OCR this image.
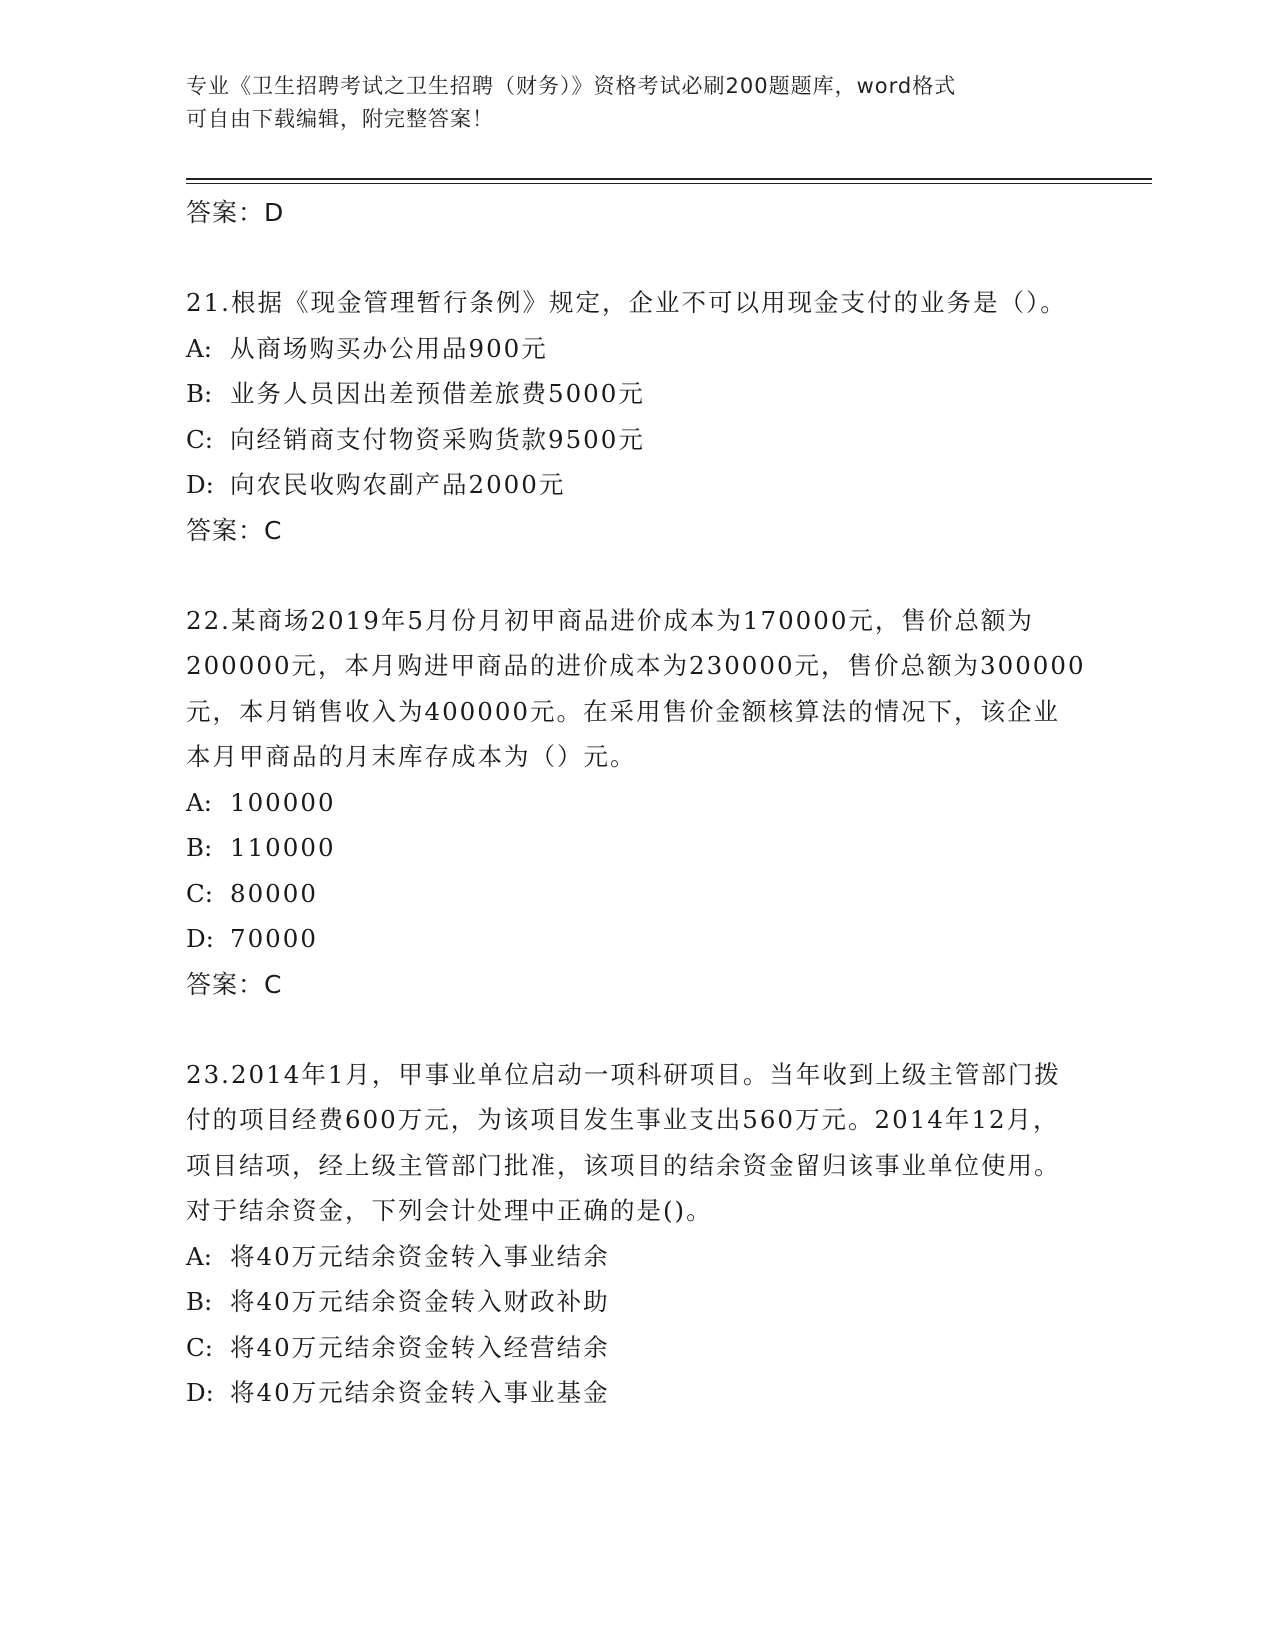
专业《卫生招聘考试之卫生招聘（财务）》资格考试必刷200题题库，word格式
可自由下载编辑，附完整答案！
答案：D
21.根据《现金管理暂行条例》规定，企业不可以用现金支付的业务是（）。
A: 从商场购买办公用品900元
B: 业务人员因出差预借差旅费5000元
C: 向经销商支付物资采购货款9500元
D: 向农民收购农副产品2000元
答案：C
22.某商场2019年5月份月初甲商品进价成本为170000元，售价总额为200000元，本月购进甲商品的进价成本为230000元，售价总额为300000元，本月销售收入为400000元。在采用售价金额核算法的情况下，该企业本月甲商品的月末库存成本为（）元。
A: 100000
B: 110000
C: 80000
D: 70000
答案：C
23.2014年1月，甲事业单位启动一项科研项目。当年收到上级主管部门拨付的项目经费600万元，为该项目发生事业支出560万元。2014年12月，项目结项，经上级主管部门批准，该项目的结余资金留归该事业单位使用。对于结余资金，下列会计处理中正确的是()。
A: 将40万元结余资金转入事业结余
B: 将40万元结余资金转入财政补助
C: 将40万元结余资金转入经营结余
D: 将40万元结余资金转入事业基金
